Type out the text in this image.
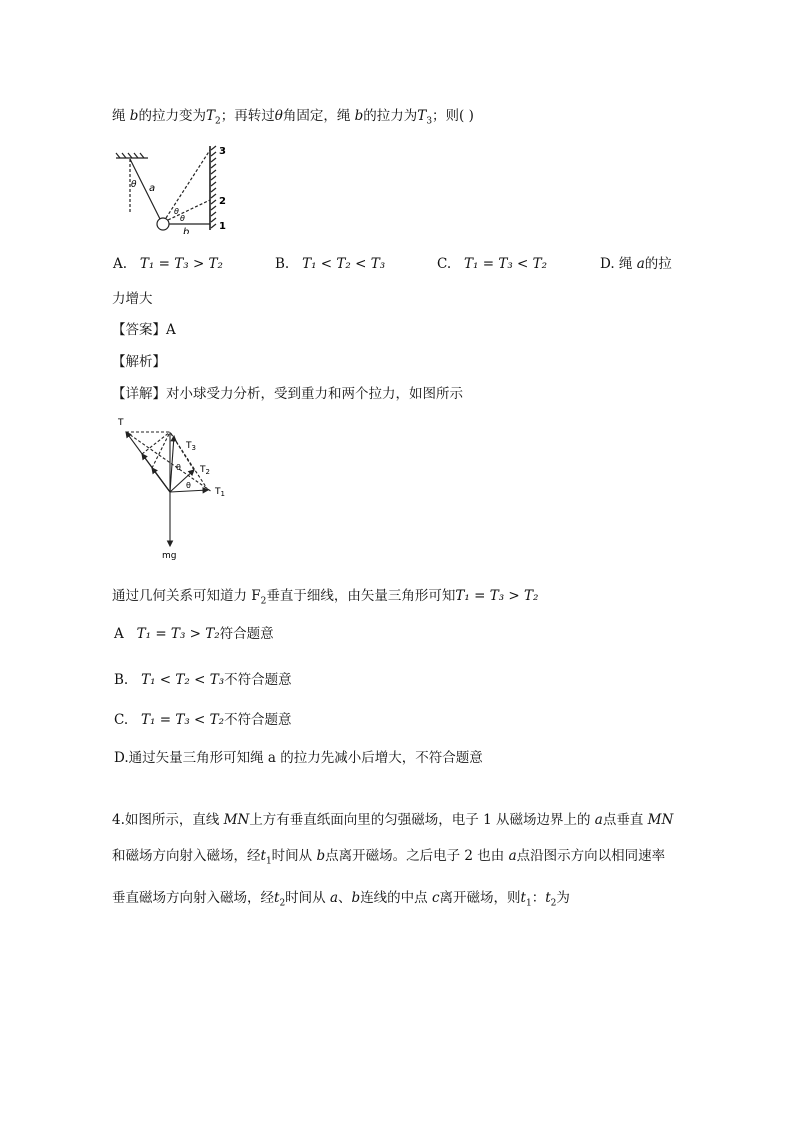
绳 b的拉力变为$T_2$；再转过θ角固定，绳 b的拉力为$T_3$；则( )
θ a
b
θ
θ
1
2
3
A. T₁ = T₃ > T₂	B. T₁ < T₂ < T₃	C. T₁ = T₃ < T₂	D. 绳 a的拉
力增大
【答案】A
【解析】
【详解】对小球受力分析，受到重力和两个拉力，如图所示
T
$T_3$
$T_2$
$T_1$
θ
θ
mg
通过几何关系可知道力 $F_2$垂直于细线，由矢量三角形可知T₁ = T₃ > T₂
A T₁ = T₃ > T₂符合题意
B. T₁ < T₂ < T₃不符合题意
C. T₁ = T₃ < T₂不符合题意
D.通过矢量三角形可知绳 a 的拉力先减小后增大，不符合题意
4.如图所示，直线 MN上方有垂直纸面向里的匀强磁场，电子 1 从磁场边界上的 a点垂直 MN
和磁场方向射入磁场，经$t_1$时间从 b点离开磁场。之后电子 2 也由 a点沿图示方向以相同速率
垂直磁场方向射入磁场，经$t_2$时间从 a、b连线的中点 c离开磁场，则$t_1$：$t_2$为
